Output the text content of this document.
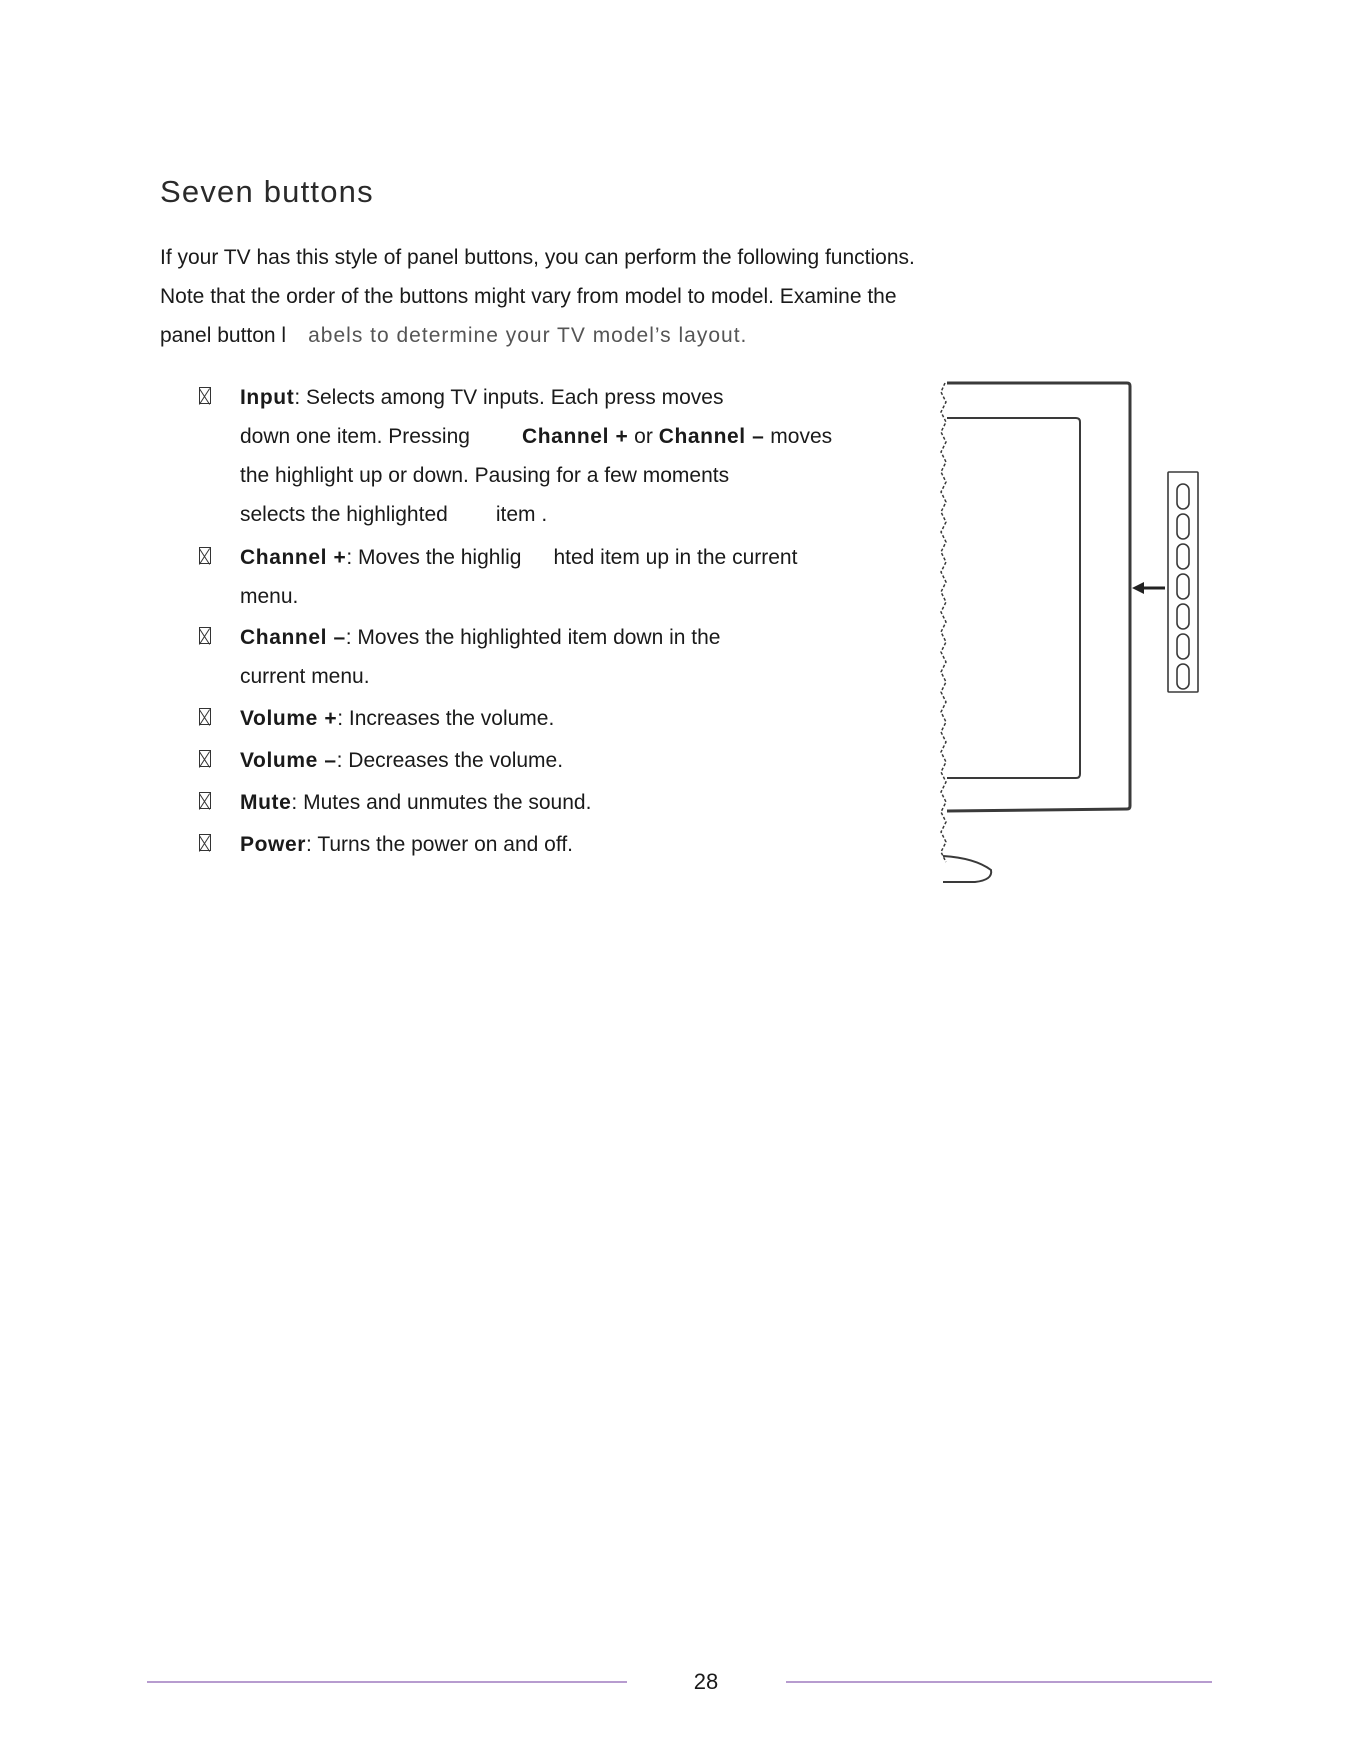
Seven buttons

If your TV has this style of panel buttons, you can perform the following functions.
Note that the order of the buttons might vary from model to model. Examine the
panel button l abels to determine your TV model’s layout.

Input: Selects among TV inputs. Each press moves
down one item. Pressing Channel + or Channel – moves
the highlight up or down. Pausing for a few moments
selects the highlighted item .
Channel +: Moves the highlig hted item up in the current
menu.
Channel –: Moves the highlighted item down in the
current menu.
Volume +: Increases the volume.
Volume –: Decreases the volume.
Mute: Mutes and unmutes the sound.
Power: Turns the power on and off.
28
